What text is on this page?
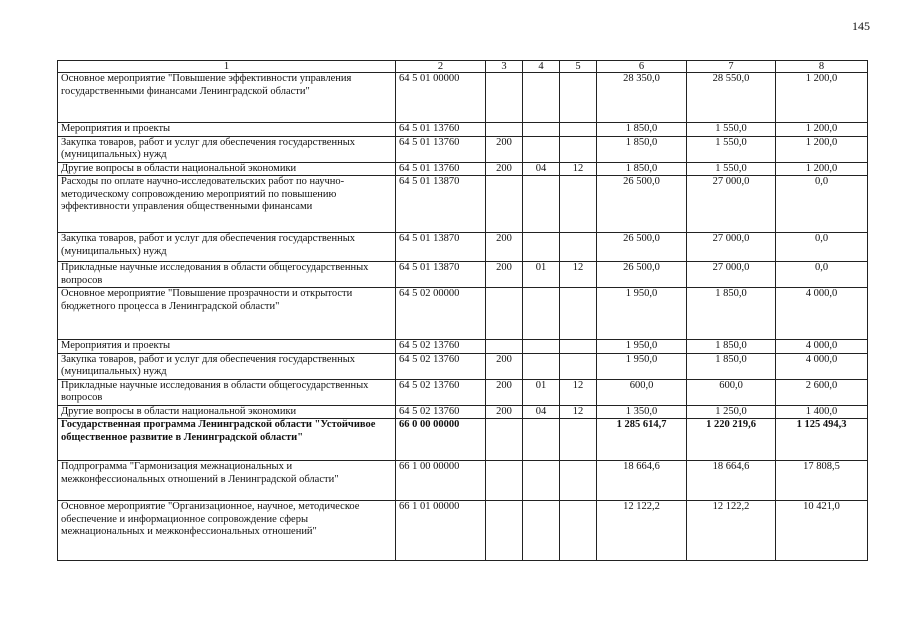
145
1	2	3	4	5	6	7	8
Основное мероприятие "Повышение эффективности управления государственными финансами Ленинградской области"	64 5 01 00000				28 350,0	28 550,0	1 200,0
Мероприятия и проекты	64 5 01 13760				1 850,0	1 550,0	1 200,0
Закупка товаров, работ и услуг для обеспечения государственных (муниципальных) нужд	64 5 01 13760	200			1 850,0	1 550,0	1 200,0
Другие вопросы в области национальной экономики	64 5 01 13760	200	04	12	1 850,0	1 550,0	1 200,0
Расходы по оплате научно-исследовательских работ по научно-методическому сопровождению мероприятий по повышению эффективности управления общественными финансами	64 5 01 13870				26 500,0	27 000,0	0,0
Закупка товаров, работ и услуг для обеспечения государственных (муниципальных) нужд	64 5 01 13870	200			26 500,0	27 000,0	0,0
Прикладные научные исследования в области общегосударственных вопросов	64 5 01 13870	200	01	12	26 500,0	27 000,0	0,0
Основное мероприятие "Повышение прозрачности и открытости бюджетного процесса в Ленинградской области"	64 5 02 00000				1 950,0	1 850,0	4 000,0
Мероприятия и проекты	64 5 02 13760				1 950,0	1 850,0	4 000,0
Закупка товаров, работ и услуг для обеспечения государственных (муниципальных) нужд	64 5 02 13760	200			1 950,0	1 850,0	4 000,0
Прикладные научные исследования в области общегосударственных вопросов	64 5 02 13760	200	01	12	600,0	600,0	2 600,0
Другие вопросы в области национальной экономики	64 5 02 13760	200	04	12	1 350,0	1 250,0	1 400,0
Государственная программа Ленинградской области "Устойчивое общественное развитие в Ленинградской области"	66 0 00 00000				1 285 614,7	1 220 219,6	1 125 494,3
Подпрограмма "Гармонизация межнациональных и межконфессиональных отношений в Ленинградской области"	66 1 00 00000				18 664,6	18 664,6	17 808,5
Основное мероприятие "Организационное, научное, методическое обеспечение и информационное сопровождение сферы межнациональных и межконфессиональных отношений"	66 1 01 00000				12 122,2	12 122,2	10 421,0
